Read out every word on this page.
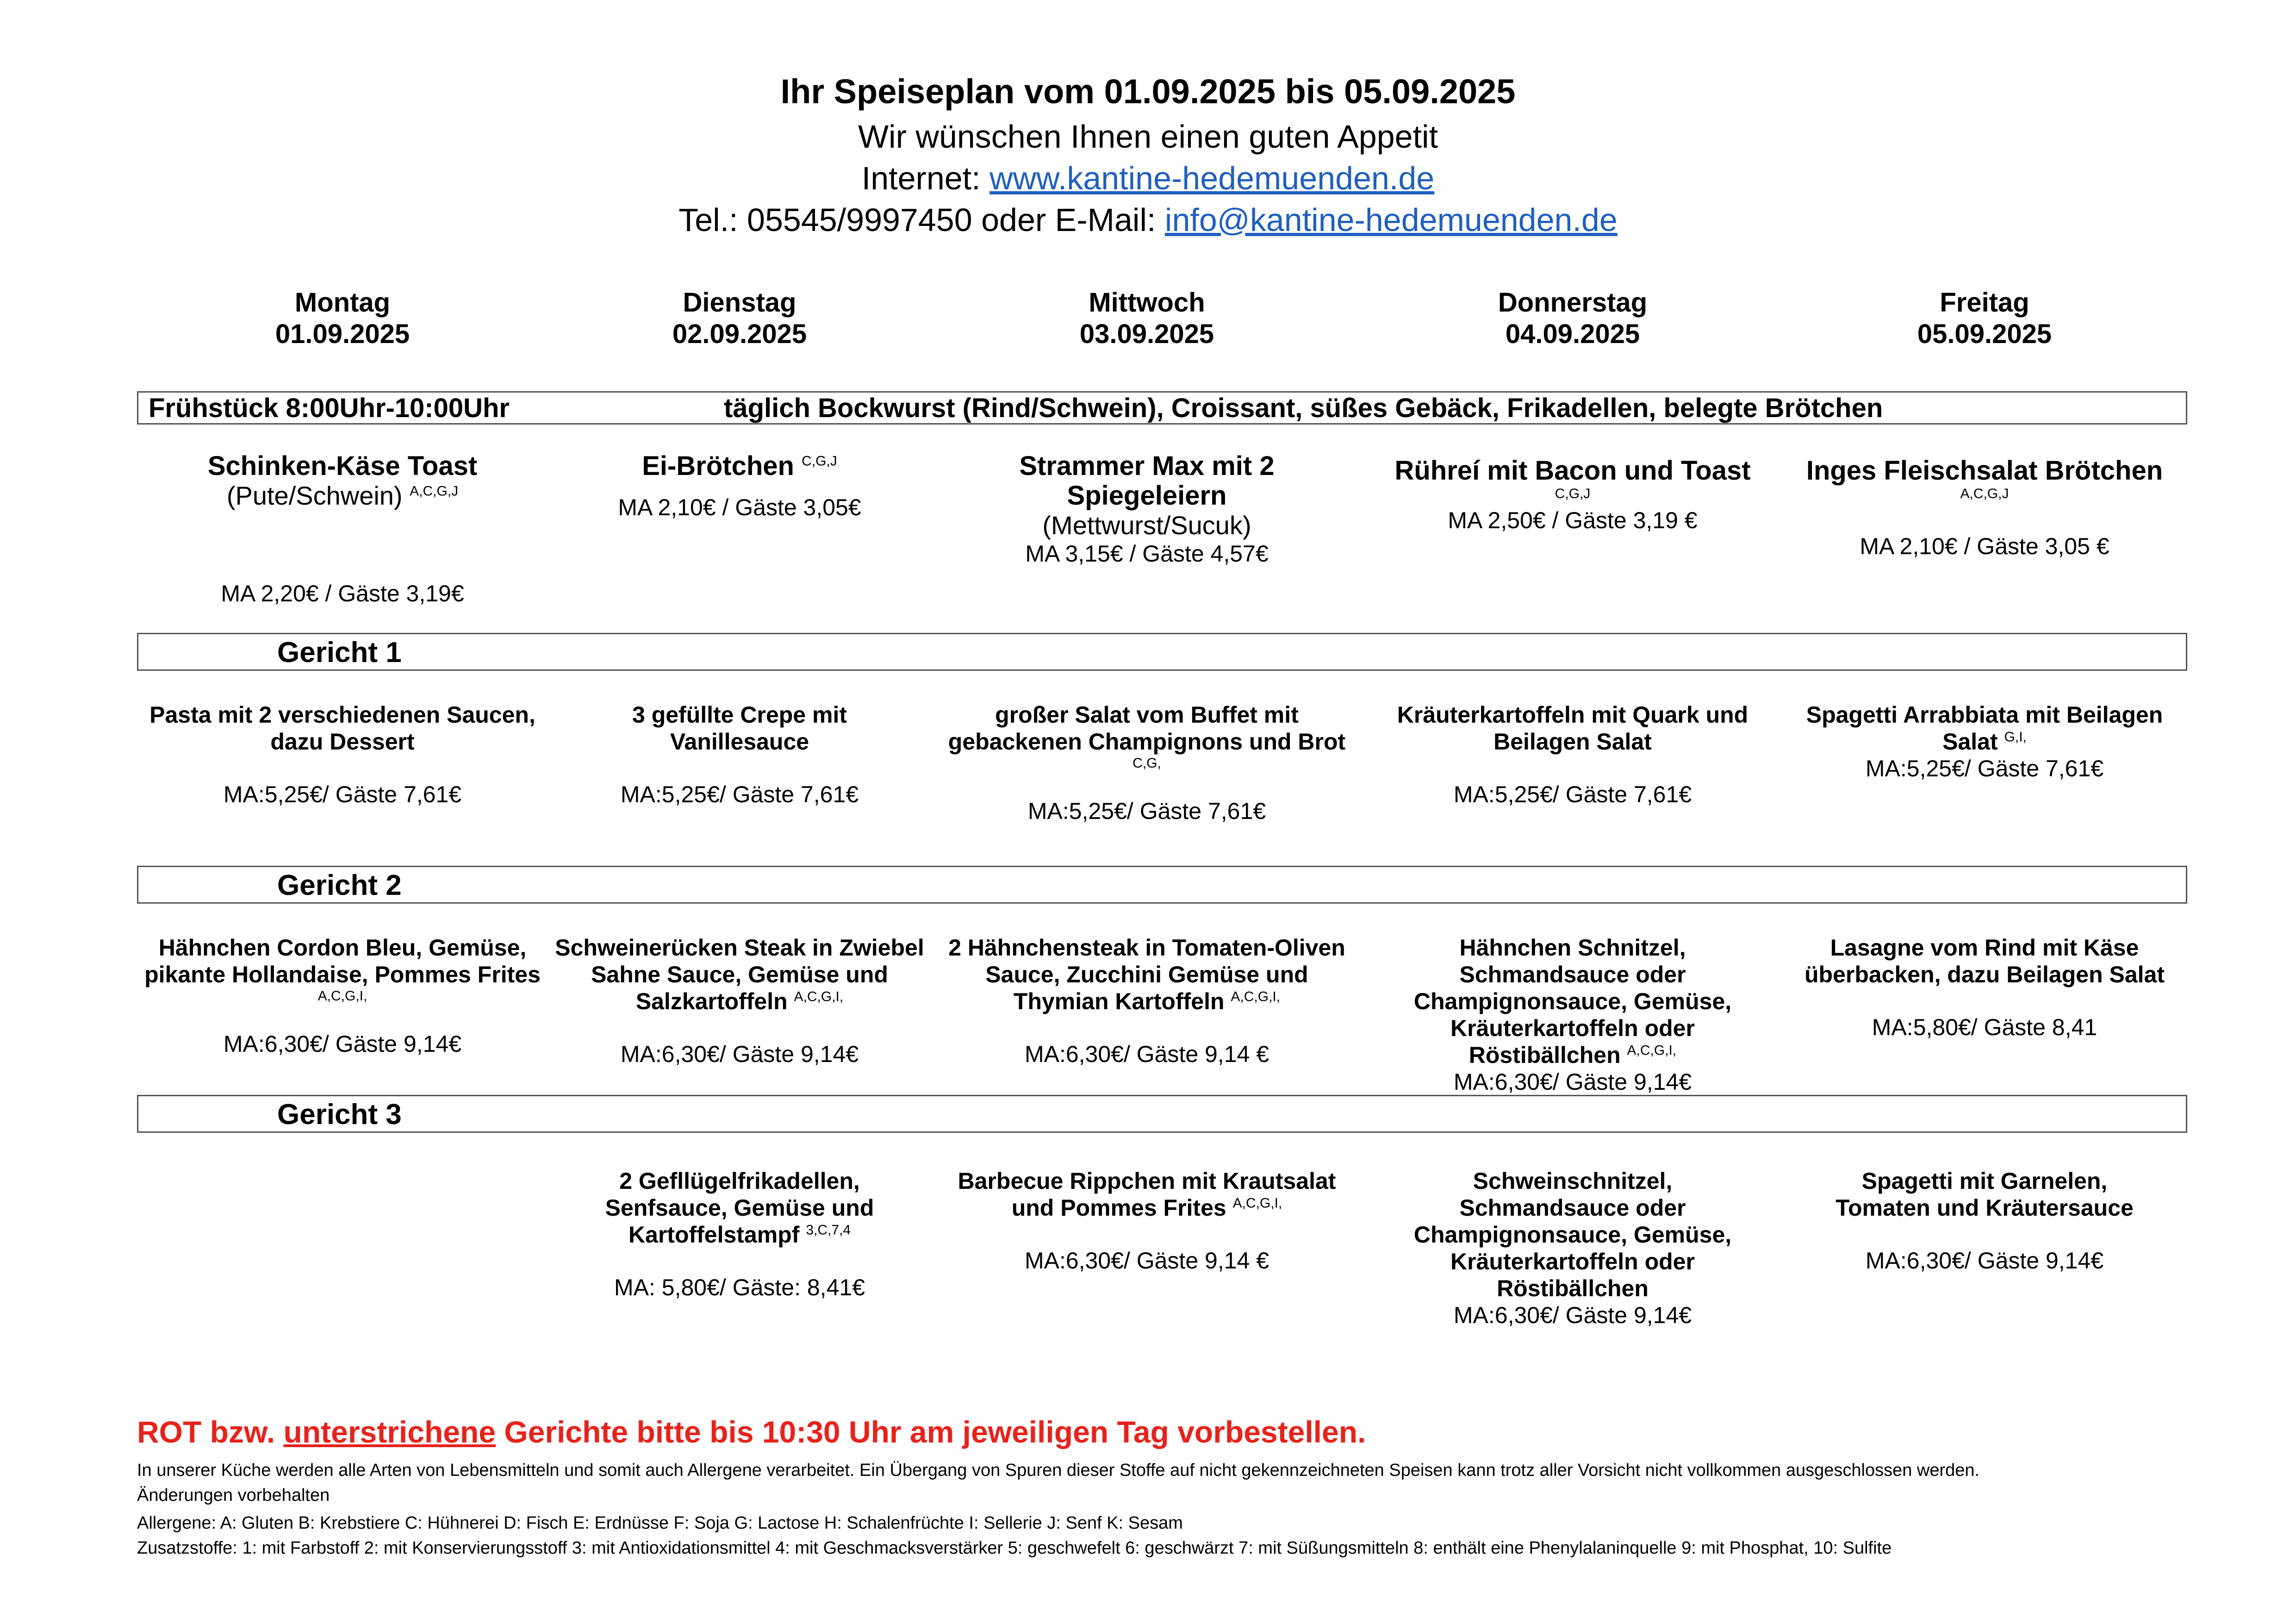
Ihr Speiseplan vom 01.09.2025 bis 05.09.2025
Wir wünschen Ihnen einen guten Appetit
Internet: www.kantine-hedemuenden.de
Tel.: 05545/9997450 oder E-Mail: info@kantine-hedemuenden.de
Montag
01.09.2025
Dienstag
02.09.2025
Mittwoch
03.09.2025
Donnerstag
04.09.2025
Freitag
05.09.2025
Frühstück 8:00Uhr-10:00Uhr	täglich Bockwurst (Rind/Schwein), Croissant, süßes Gebäck, Frikadellen, belegte Brötchen
Schinken-Käse Toast
(Pute/Schwein) $^{A,C,G,J}$
MA 2,20€ / Gäste 3,19€
Ei-Brötchen $^{C,G,J}$
MA 2,10€ / Gäste 3,05€
Strammer Max mit 2 Spiegeleiern
(Mettwurst/Sucuk)
MA 3,15€ / Gäste 4,57€
Rühreí mit Bacon und Toast
C,G,J
MA 2,50€ / Gäste 3,19 €
Inges Fleischsalat Brötchen
A,C,G,J
MA 2,10€ / Gäste 3,05 €
Gericht 1
Pasta mit 2 verschiedenen Saucen, dazu Dessert
MA:5,25€/ Gäste 7,61€
3 gefüllte Crepe mit Vanillesauce
MA:5,25€/ Gäste 7,61€
großer Salat vom Buffet mit gebackenen Champignons und Brot
C,G,
MA:5,25€/ Gäste 7,61€
Kräuterkartoffeln mit Quark und Beilagen Salat
MA:5,25€/ Gäste 7,61€
Spagetti Arrabbiata mit Beilagen Salat $^{G,I,}$
MA:5,25€/ Gäste 7,61€
Gericht 2
Hähnchen Cordon Bleu, Gemüse, pikante Hollandaise, Pommes Frites
A,C,G,I,
MA:6,30€/ Gäste 9,14€
Schweinerücken Steak in Zwiebel Sahne Sauce, Gemüse und Salzkartoffeln $^{A,C,G,I,}$
MA:6,30€/ Gäste 9,14€
2 Hähnchensteak in Tomaten-Oliven Sauce, Zucchini Gemüse und Thymian Kartoffeln $^{A,C,G,I,}$
MA:6,30€/ Gäste 9,14 €
Hähnchen Schnitzel, Schmandsauce oder Champignonsauce, Gemüse, Kräuterkartoffeln oder Röstibällchen $^{A,C,G,I,}$
MA:6,30€/ Gäste 9,14€
Lasagne vom Rind mit Käse überbacken, dazu Beilagen Salat
MA:5,80€/ Gäste 8,41
Gericht 3
2 Gefllügelfrikadellen, Senfsauce, Gemüse und Kartoffelstampf $^{3,C,7,4}$
MA: 5,80€/ Gäste: 8,41€
Barbecue Rippchen mit Krautsalat und Pommes Frites $^{A,C,G,I,}$
MA:6,30€/ Gäste 9,14 €
Schweinschnitzel, Schmandsauce oder Champignonsauce, Gemüse, Kräuterkartoffeln oder Röstibällchen
MA:6,30€/ Gäste 9,14€
Spagetti mit Garnelen, Tomaten und Kräutersauce
MA:6,30€/ Gäste 9,14€
ROT bzw. unterstrichene Gerichte bitte bis 10:30 Uhr am jeweiligen Tag vorbestellen.
In unserer Küche werden alle Arten von Lebensmitteln und somit auch Allergene verarbeitet. Ein Übergang von Spuren dieser Stoffe auf nicht gekennzeichneten Speisen kann trotz aller Vorsicht nicht vollkommen ausgeschlossen werden.
Änderungen vorbehalten
Allergene: A: Gluten B: Krebstiere C: Hühnerei D: Fisch E: Erdnüsse F: Soja G: Lactose H: Schalenfrüchte I: Sellerie J: Senf K: Sesam
Zusatzstoffe: 1: mit Farbstoff 2: mit Konservierungsstoff 3: mit Antioxidationsmittel 4: mit Geschmacksverstärker 5: geschwefelt 6: geschwärzt 7: mit Süßungsmitteln 8: enthält eine Phenylalaninquelle 9: mit Phosphat, 10: Sulfite
